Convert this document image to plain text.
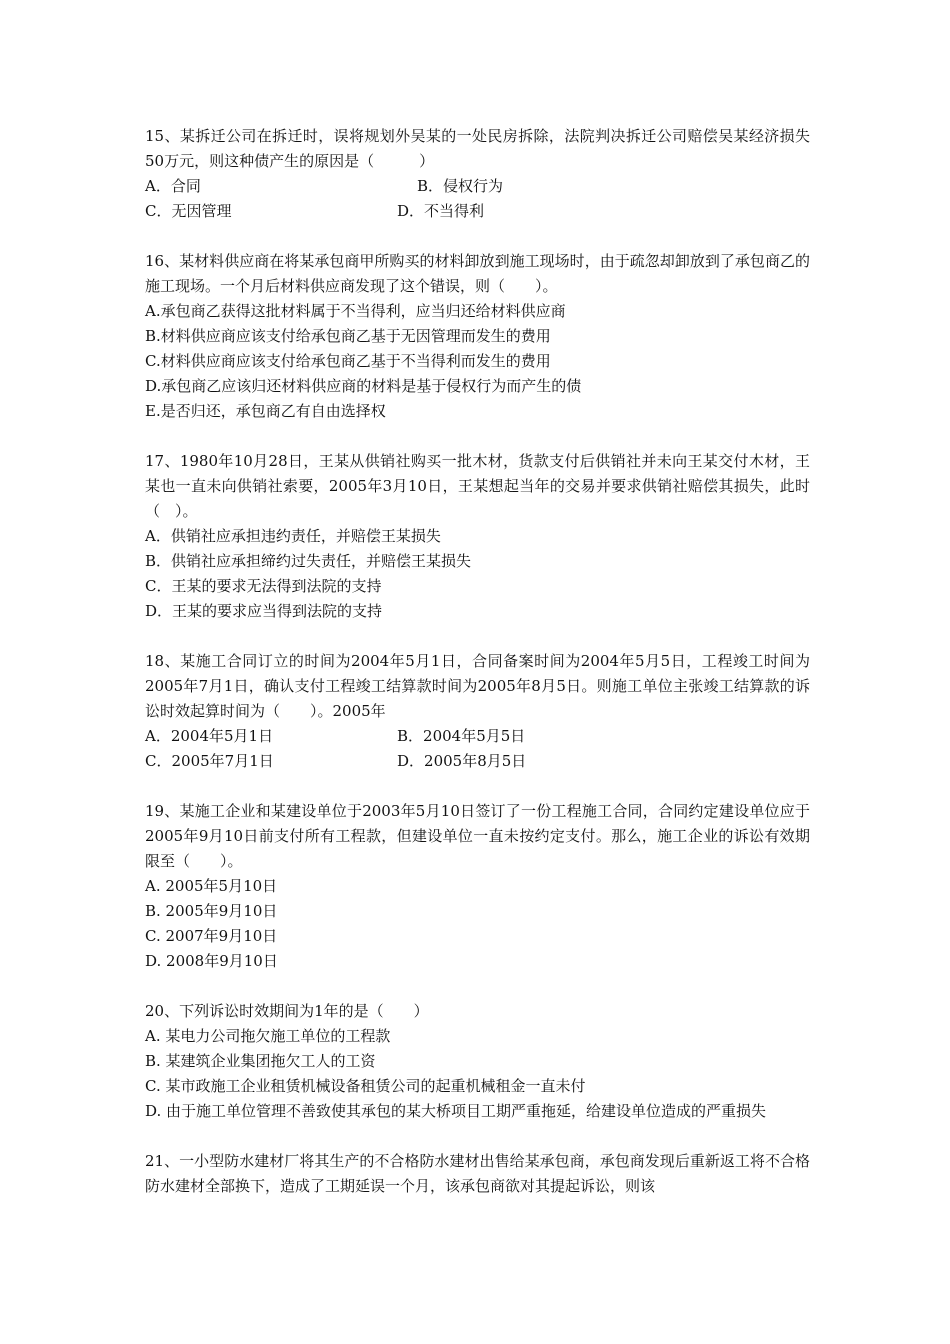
15、某拆迁公司在拆迁时，误将规划外吴某的一处民房拆除，法院判决拆迁公司赔偿吴某经济损失50万元，则这种债产生的原因是（　　　）

A．合同	B．侵权行为

C．无因管理	D．不当得利

16、某材料供应商在将某承包商甲所购买的材料卸放到施工现场时，由于疏忽却卸放到了承包商乙的施工现场。一个月后材料供应商发现了这个错误，则（　　）。

A.承包商乙获得这批材料属于不当得利，应当归还给材料供应商

B.材料供应商应该支付给承包商乙基于无因管理而发生的费用

C.材料供应商应该支付给承包商乙基于不当得利而发生的费用

D.承包商乙应该归还材料供应商的材料是基于侵权行为而产生的债

E.是否归还，承包商乙有自由选择权

17、1980年10月28日，王某从供销社购买一批木材，货款支付后供销社并未向王某交付木材，王某也一直未向供销社索要，2005年3月10日，王某想起当年的交易并要求供销社赔偿其损失，此时（　）。

A．供销社应承担违约责任，并赔偿王某损失

B．供销社应承担缔约过失责任，并赔偿王某损失

C．王某的要求无法得到法院的支持

D．王某的要求应当得到法院的支持

18、某施工合同订立的时间为2004年5月1日，合同备案时间为2004年5月5日，工程竣工时间为2005年7月1日，确认支付工程竣工结算款时间为2005年8月5日。则施工单位主张竣工结算款的诉讼时效起算时间为（　　）。2005年

A．2004年5月1日	B．2004年5月5日

C．2005年7月1日	D．2005年8月5日

19、某施工企业和某建设单位于2003年5月10日签订了一份工程施工合同，合同约定建设单位应于2005年9月10日前支付所有工程款，但建设单位一直未按约定支付。那么，施工企业的诉讼有效期限至（　　）。

A. 2005年5月10日

B. 2005年9月10日

C. 2007年9月10日

D. 2008年9月10日

20、下列诉讼时效期间为1年的是（　　）

A. 某电力公司拖欠施工单位的工程款

B. 某建筑企业集团拖欠工人的工资

C. 某市政施工企业租赁机械设备租赁公司的起重机械租金一直未付

D. 由于施工单位管理不善致使其承包的某大桥项目工期严重拖延，给建设单位造成的严重损失

21、一小型防水建材厂将其生产的不合格防水建材出售给某承包商，承包商发现后重新返工将不合格防水建材全部换下，造成了工期延误一个月，该承包商欲对其提起诉讼，则该
